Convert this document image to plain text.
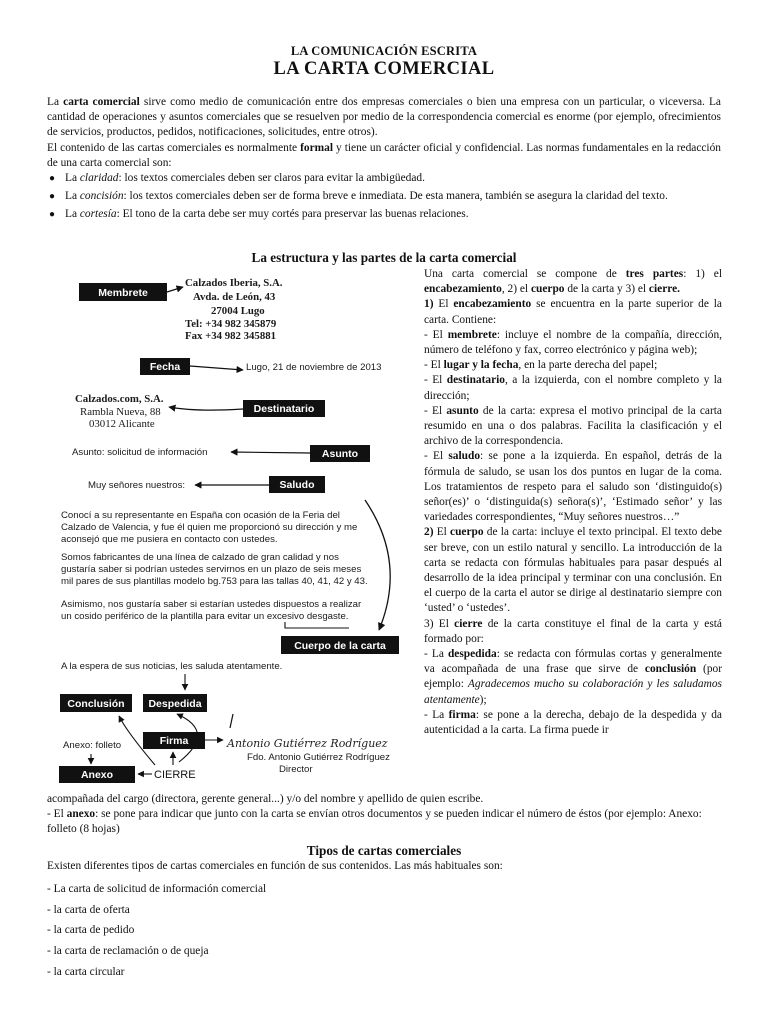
LA COMUNICACIÓN ESCRITA
LA CARTA COMERCIAL

La carta comercial sirve como medio de comunicación entre dos empresas comerciales o bien una empresa con un particular, o viceversa. La cantidad de operaciones y asuntos comerciales que se resuelven por medio de la correspondencia comercial es enorme (por ejemplo, ofrecimientos de servicios, productos, pedidos, notificaciones, solicitudes, entre otros).

El contenido de las cartas comerciales es normalmente formal y tiene un carácter oficial y confidencial. Las normas fundamentales en la redacción de una carta comercial son:

● La claridad: los textos comerciales deben ser claros para evitar la ambigüedad.
● La concisión: los textos comerciales deben ser de forma breve e inmediata. De esta manera, también se asegura la claridad del texto.
● La cortesía: El tono de la carta debe ser muy cortés para preservar las buenas relaciones.
La estructura y las partes de la carta comercial
Membrete
Calzados Iberia, S.A.
Avda. de León, 43
27004 Lugo
Tel: +34 982 345879
Fax +34 982 345881
Fecha	Lugo, 21 de noviembre de 2013
Calzados.com, S.A.
Rambla Nueva, 88
03012 Alicante
Destinatario
Asunto: solicitud de información	Asunto
Muy señores nuestros:	Saludo
Conocí a su representante en España con ocasión de la Feria del
Calzado de Valencia, y fue él quien me proporcionó su dirección y me
aconsejó que me pusiera en contacto con ustedes.
Somos fabricantes de una línea de calzado de gran calidad y nos
gustaría saber si podrían ustedes servirnos en un plazo de seis meses
mil pares de sus plantillas modelo bg.753 para las tallas 40, 41, 42 y 43.
Asimismo, nos gustaría saber si estarían ustedes dispuestos a realizar
un cosido periférico de la plantilla para evitar un excesivo desgaste.
Cuerpo de la carta
A la espera de sus noticias, les saluda atentamente.
Conclusión Despedida
Firma	Antonio Gutiérrez Rodríguez
Fdo. Antonio Gutiérrez Rodríguez
Director
Anexo: folleto
Anexo	CIERRE

Una carta comercial se compone de tres partes: 1) el encabezamiento, 2) el cuerpo de la carta y 3) el cierre.

1) El encabezamiento se encuentra en la parte superior de la carta. Contiene:

- El membrete: incluye el nombre de la compañía, dirección, número de teléfono y fax, correo electrónico y página web);

- El lugar y la fecha, en la parte derecha del papel;

- El destinatario, a la izquierda, con el nombre completo y la dirección;

- El asunto de la carta: expresa el motivo principal de la carta resumido en una o dos palabras. Facilita la clasificación y el archivo de la correspondencia.

- El saludo: se pone a la izquierda. En español, detrás de la fórmula de saludo, se usan los dos puntos en lugar de la coma. Los tratamientos de respeto para el saludo son ‘distinguido(s) señor(es)’ o ‘distinguida(s) señora(s)’, ‘Estimado señor’ y las variedades correspondientes, “Muy señores nuestros…”

2) El cuerpo de la carta: incluye el texto principal. El texto debe ser breve, con un estilo natural y sencillo. La introducción de la carta se redacta con fórmulas habituales para pasar después al desarrollo de la idea principal y terminar con una conclusión. En el cuerpo de la carta el autor se dirige al destinatario siempre con ‘usted’ o ‘ustedes’.

3) El cierre de la carta constituye el final de la carta y está formado por:

- La despedida: se redacta con fórmulas cortas y generalmente va acompañada de una frase que sirve de conclusión (por ejemplo: Agradecemos mucho su colaboración y les saludamos atentamente);

- La firma: se pone a la derecha, debajo de la despedida y da autenticidad a la carta. La firma puede ir

acompañada del cargo (directora, gerente general...) y/o del nombre y apellido de quien escribe.

- El anexo: se pone para indicar que junto con la carta se envían otros documentos y se pueden indicar el número de éstos (por ejemplo: Anexo: folleto (8 hojas)

Tipos de cartas comerciales
Existen diferentes tipos de cartas comerciales en función de sus contenidos. Las más habituales son:
- La carta de solicitud de información comercial
- la carta de oferta
- la carta de pedido
- la carta de reclamación o de queja
- la carta circular
